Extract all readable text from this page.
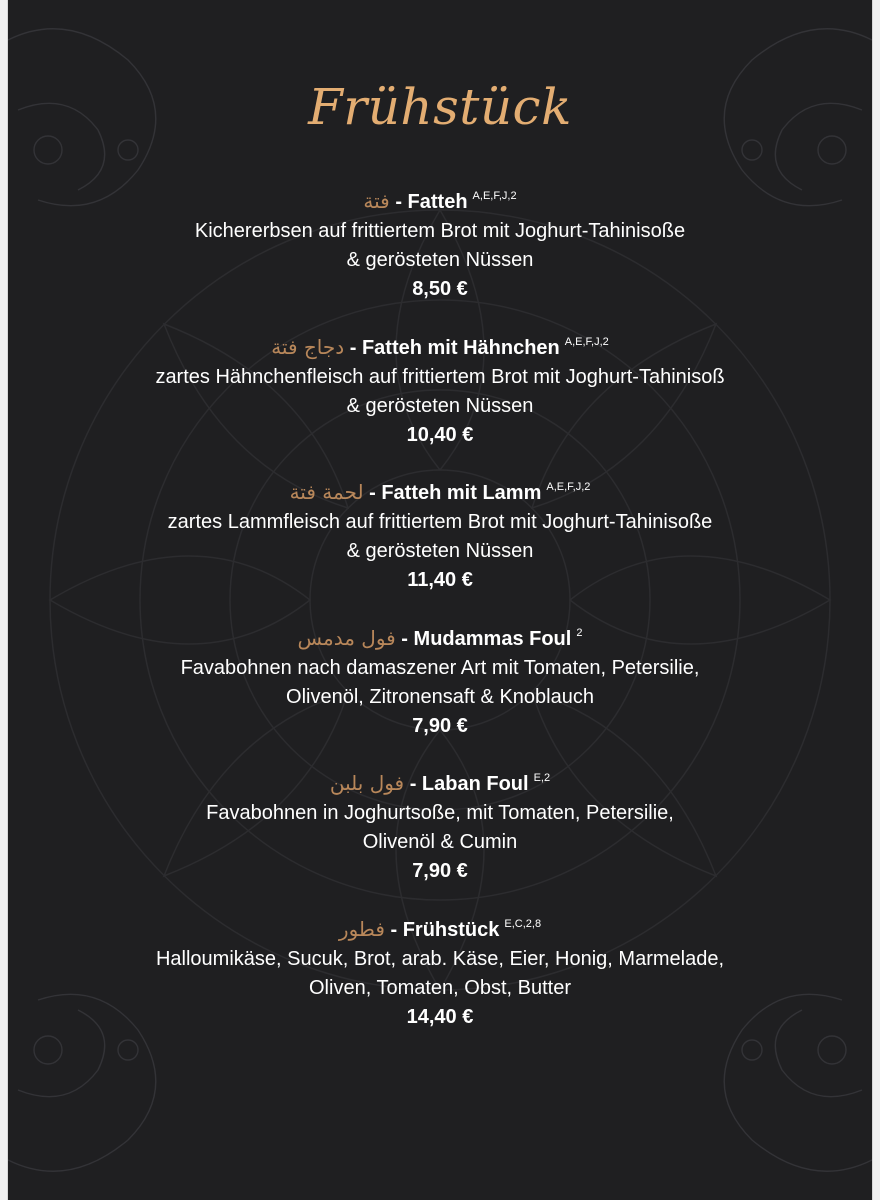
Frühstück
فتة - Fatteh $^{A,E,F,J,2}$
Kichererbsen auf frittiertem Brot mit Joghurt-Tahinisoße
& gerösteten Nüssen
8,50 €
دجاج فتة - Fatteh mit Hähnchen $^{A,E,F,J,2}$
zartes Hähnchenfleisch auf frittiertem Brot mit Joghurt-Tahinisoß
& gerösteten Nüssen
10,40 €
لحمة فتة - Fatteh mit Lamm $^{A,E,F,J,2}$
zartes Lammfleisch auf frittiertem Brot mit Joghurt-Tahinisoße
& gerösteten Nüssen
11,40 €
فول مدمس - Mudammas Foul $^2$
Favabohnen nach damaszener Art mit Tomaten, Petersilie,
Olivenöl, Zitronensaft & Knoblauch
7,90 €
فول بلبن - Laban Foul $^{E,2}$
Favabohnen in Joghurtsoße, mit Tomaten, Petersilie,
Olivenöl & Cumin
7,90 €
فطور - Frühstück $^{E,C,2,8}$
Halloumikäse, Sucuk, Brot, arab. Käse, Eier, Honig, Marmelade,
Oliven, Tomaten, Obst, Butter
14,40 €
